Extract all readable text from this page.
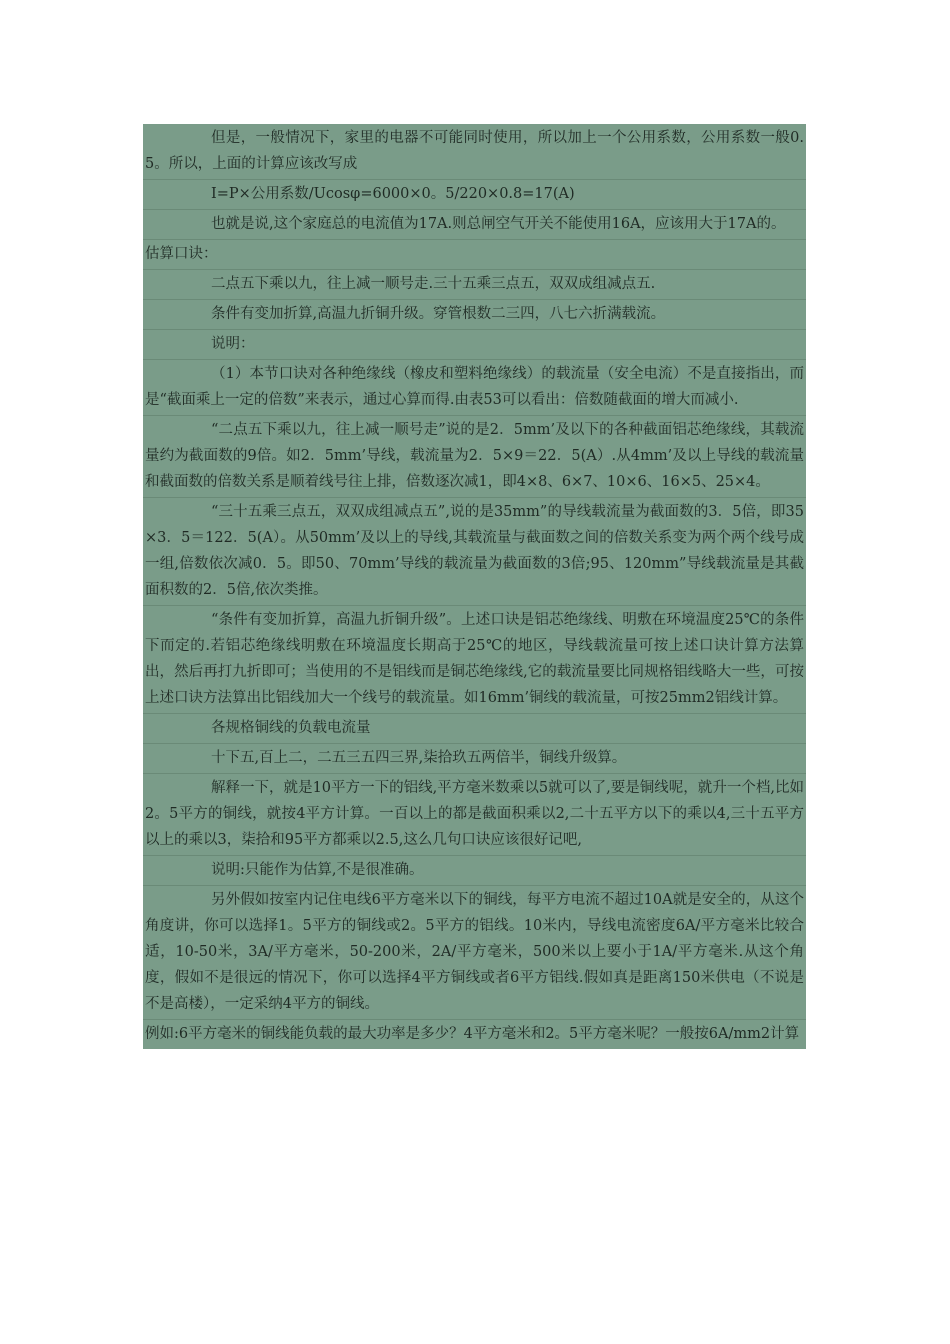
但是，一般情况下，家里的电器不可能同时使用，所以加上一个公用系数，公用系数一般0.5。所以，上面的计算应该改写成
I=P×公用系数/Ucosφ=6000×0。5/220×0.8=17(A)
也就是说,这个家庭总的电流值为17A.则总闸空气开关不能使用16A，应该用大于17A的。
估算口诀：
二点五下乘以九，往上减一顺号走.三十五乘三点五，双双成组减点五.
条件有变加折算,高温九折铜升级。穿管根数二三四，八七六折满载流。
说明：
（1）本节口诀对各种绝缘线（橡皮和塑料绝缘线）的载流量（安全电流）不是直接指出，而是“截面乘上一定的倍数”来表示，通过心算而得.由表53可以看出：倍数随截面的增大而减小.
“二点五下乘以九，往上减一顺号走”说的是2．5mm’及以下的各种截面铝芯绝缘线，其载流量约为截面数的9倍。如2．5mm’导线，载流量为2．5×9＝22．5(A）.从4mm’及以上导线的载流量和截面数的倍数关系是顺着线号往上排，倍数逐次减1，即4×8、6×7、10×6、16×5、25×4。
“三十五乘三点五，双双成组减点五”,说的是35mm”的导线载流量为截面数的3．5倍，即35×3．5＝122．5(A）。从50mm’及以上的导线,其载流量与截面数之间的倍数关系变为两个两个线号成一组,倍数依次减0．5。即50、70mm’导线的载流量为截面数的3倍;95、120mm”导线载流量是其截面积数的2．5倍,依次类推。
“条件有变加折算，高温九折铜升级”。上述口诀是铝芯绝缘线、明敷在环境温度25℃的条件下而定的.若铝芯绝缘线明敷在环境温度长期高于25℃的地区，导线载流量可按上述口诀计算方法算出，然后再打九折即可；当使用的不是铝线而是铜芯绝缘线,它的载流量要比同规格铝线略大一些，可按上述口诀方法算出比铝线加大一个线号的载流量。如16mm’铜线的载流量，可按25mm2铝线计算。
各规格铜线的负载电流量
十下五,百上二，二五三五四三界,柒拾玖五两倍半，铜线升级算。
解释一下，就是10平方一下的铝线,平方毫米数乘以5就可以了,要是铜线呢，就升一个档,比如2。5平方的铜线，就按4平方计算。一百以上的都是截面积乘以2,二十五平方以下的乘以4,三十五平方以上的乘以3，柒拾和95平方都乘以2.5,这么几句口诀应该很好记吧,
说明:只能作为估算,不是很准确。
另外假如按室内记住电线6平方毫米以下的铜线，每平方电流不超过10A就是安全的，从这个角度讲，你可以选择1。5平方的铜线或2。5平方的铝线。10米内，导线电流密度6A/平方毫米比较合适，10-50米，3A/平方毫米，50-200米，2A/平方毫米，500米以上要小于1A/平方毫米.从这个角度，假如不是很远的情况下，你可以选择4平方铜线或者6平方铝线.假如真是距离150米供电（不说是不是高楼），一定采纳4平方的铜线。
例如:6平方毫米的铜线能负载的最大功率是多少？4平方毫米和2。5平方毫米呢？一般按6A/mm2计算
